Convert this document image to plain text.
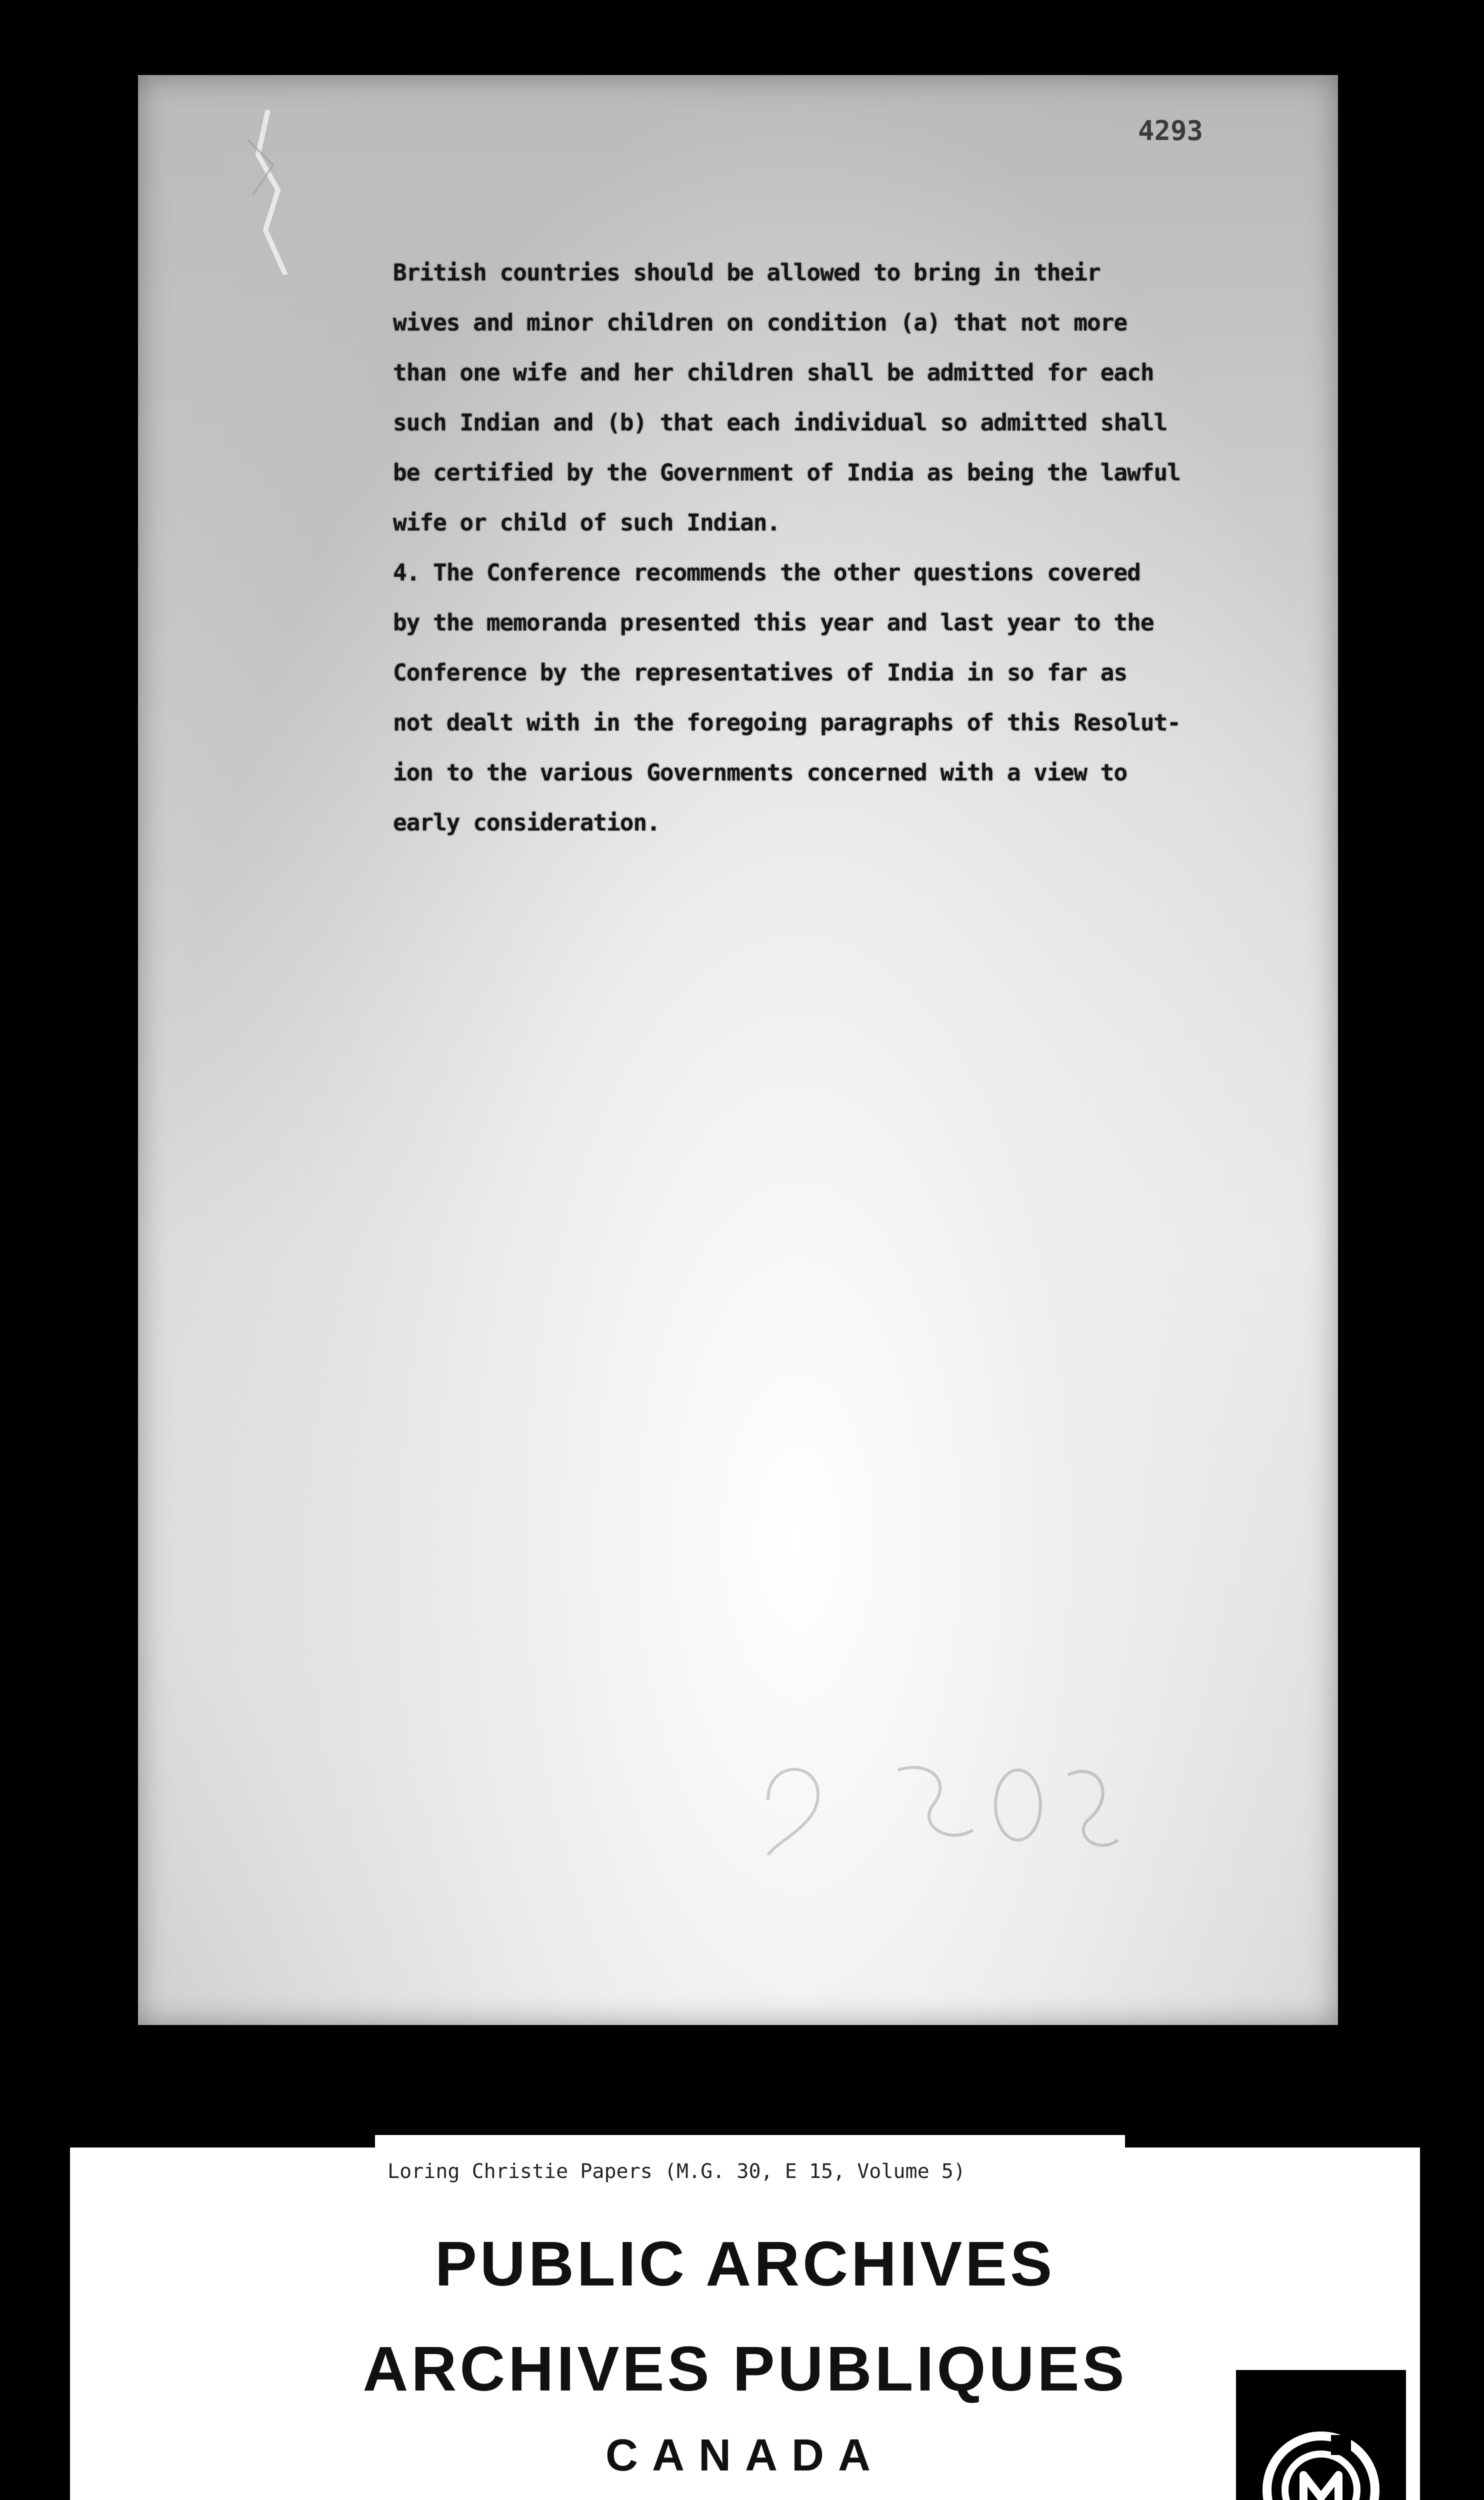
4293
British countries should be allowed to bring in their
wives and minor children on condition (a) that not more
than one wife and her children shall be admitted for each
such Indian and (b) that each individual so admitted shall
be certified by the Government of India as being the lawful
wife or child of such Indian.
4. The Conference recommends the other questions covered
by the memoranda presented this year and last year to the
Conference by the representatives of India in so far as
not dealt with in the foregoing paragraphs of this Resolut-
ion to the various Governments concerned with a view to
early consideration.
Loring Christie Papers (M.G. 30, E 15, Volume 5)
PUBLIC ARCHIVES
ARCHIVES PUBLIQUES
CANADA
